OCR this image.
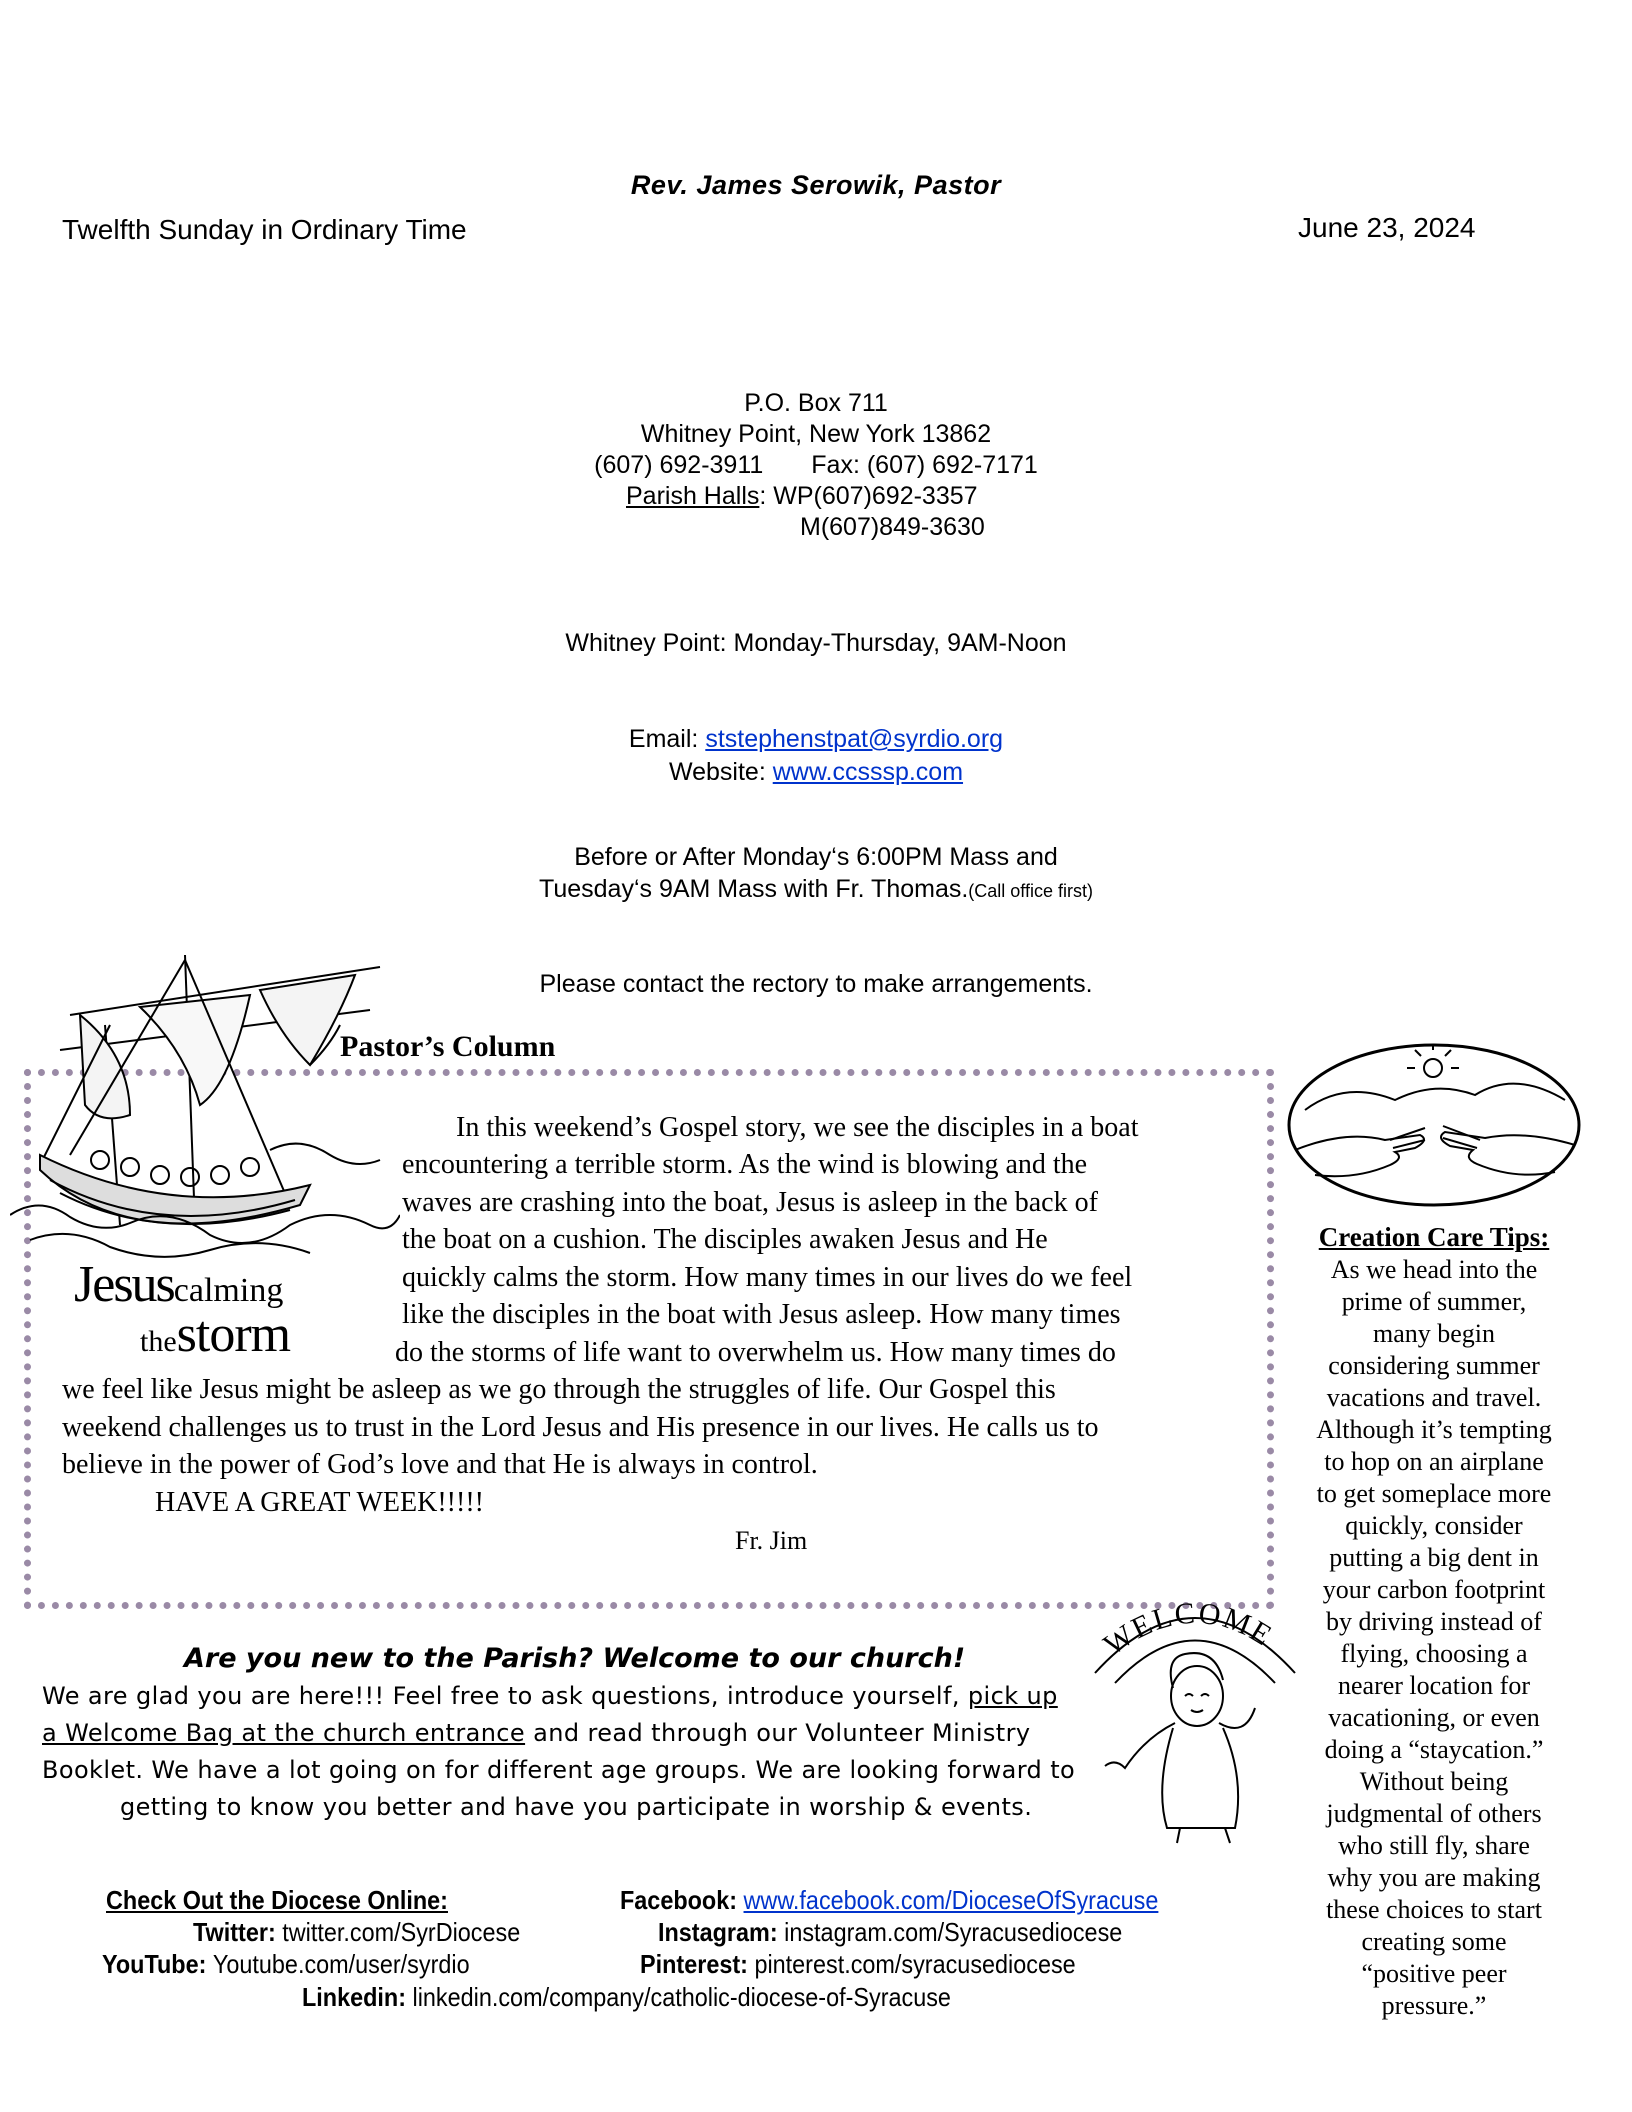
Rev. James Serowik, Pastor
Twelfth Sunday in Ordinary Time	June 23, 2024
P.O. Box 711
Whitney Point, New York 13862
(607) 692-3911 Fax: (607) 692-7171
Parish Halls: WP(607)692-3357
M(607)849-3630
Whitney Point: Monday-Thursday, 9AM-Noon
Email: ststephenstpat@syrdio.org
Website: www.ccsssp.com
Before or After Monday‘s 6:00PM Mass and
Tuesday‘s 9AM Mass with Fr. Thomas.(Call office first)
Please contact the rectory to make arrangements.
Jesuscalming
thestorm
Pastor’s Column
In this weekend’s Gospel story, we see the disciples in a boat
encountering a terrible storm. As the wind is blowing and the
waves are crashing into the boat, Jesus is asleep in the back of
the boat on a cushion. The disciples awaken Jesus and He
quickly calms the storm. How many times in our lives do we feel
like the disciples in the boat with Jesus asleep. How many times
do the storms of life want to overwhelm us. How many times do
we feel like Jesus might be asleep as we go through the struggles of life. Our Gospel this
weekend challenges us to trust in the Lord Jesus and His presence in our lives. He calls us to
believe in the power of God’s love and that He is always in control.
HAVE A GREAT WEEK!!!!!
Fr. Jim
Creation Care Tips:
As we head into the
prime of summer,
many begin
considering summer
vacations and travel.
Although it’s tempting
to hop on an airplane
to get someplace more
quickly, consider
putting a big dent in
your carbon footprint
by driving instead of
flying, choosing a
nearer location for
vacationing, or even
doing a “staycation.”
Without being
judgmental of others
who still fly, share
why you are making
these choices to start
creating some
“positive peer
pressure.”
Are you new to the Parish? Welcome to our church!
We are glad you are here!!! Feel free to ask questions, introduce yourself, pick up
a Welcome Bag at the church entrance and read through our Volunteer Ministry
Booklet. We have a lot going on for different age groups. We are looking forward to
getting to know you better and have you participate in worship & events.
WELCOME
Check Out the Diocese Online:	Facebook: www.facebook.com/DioceseOfSyracuse
Twitter: twitter.com/SyrDiocese	Instagram: instagram.com/Syracusediocese
YouTube: Youtube.com/user/syrdio	Pinterest: pinterest.com/syracusediocese
Linkedin: linkedin.com/company/catholic-diocese-of-Syracuse
